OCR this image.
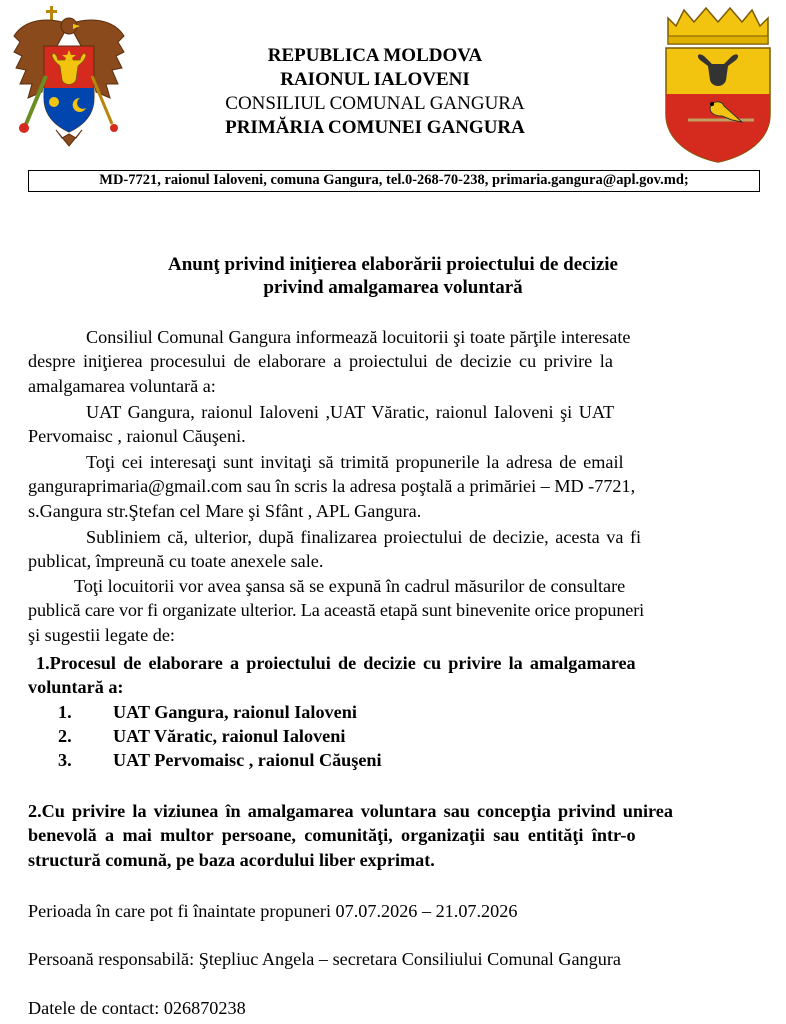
REPUBLICA MOLDOVA
RAIONUL IALOVENI
CONSILIUL COMUNAL GANGURA
PRIMĂRIA COMUNEI GANGURA
MD-7721, raionul Ialoveni, comuna Gangura, tel.0-268-70-238, primaria.gangura@apl.gov.md;
Anunţ privind iniţierea elaborării proiectului de decizie
privind amalgamarea voluntară
Consiliul Comunal Gangura informează locuitorii şi toate părţile interesate
despre iniţierea procesului de elaborare a proiectului de decizie cu privire la
amalgamarea voluntară a:
UAT Gangura, raionul Ialoveni ,UAT Văratic, raionul Ialoveni şi UAT
Pervomaisc , raionul Căuşeni.
Toţi cei interesaţi sunt invitaţi să trimită propunerile la adresa de email
ganguraprimaria@gmail.com sau în scris la adresa poştală a primăriei – MD -7721,
s.Gangura str.Ştefan cel Mare şi Sfânt , APL Gangura.
Subliniem că, ulterior, după finalizarea proiectului de decizie, acesta va fi
publicat, împreună cu toate anexele sale.
Toţi locuitorii vor avea şansa să se expună în cadrul măsurilor de consultare
publică care vor fi organizate ulterior. La această etapă sunt binevenite orice propuneri
şi sugestii legate de:
1.Procesul de elaborare a proiectului de decizie cu privire la amalgamarea
voluntară a:
1. UAT Gangura, raionul Ialoveni
2. UAT Văratic, raionul Ialoveni
3. UAT Pervomaisc , raionul Căuşeni
2.Cu privire la viziunea în amalgamarea voluntara sau concepţia privind unirea
benevolă a mai multor persoane, comunităţi, organizaţii sau entităţi într-o
structură comună, pe baza acordului liber exprimat.
Perioada în care pot fi înaintate propuneri 07.07.2026 – 21.07.2026
Persoană responsabilă: Ştepliuc Angela – secretara Consiliului Comunal Gangura
Datele de contact: 026870238
